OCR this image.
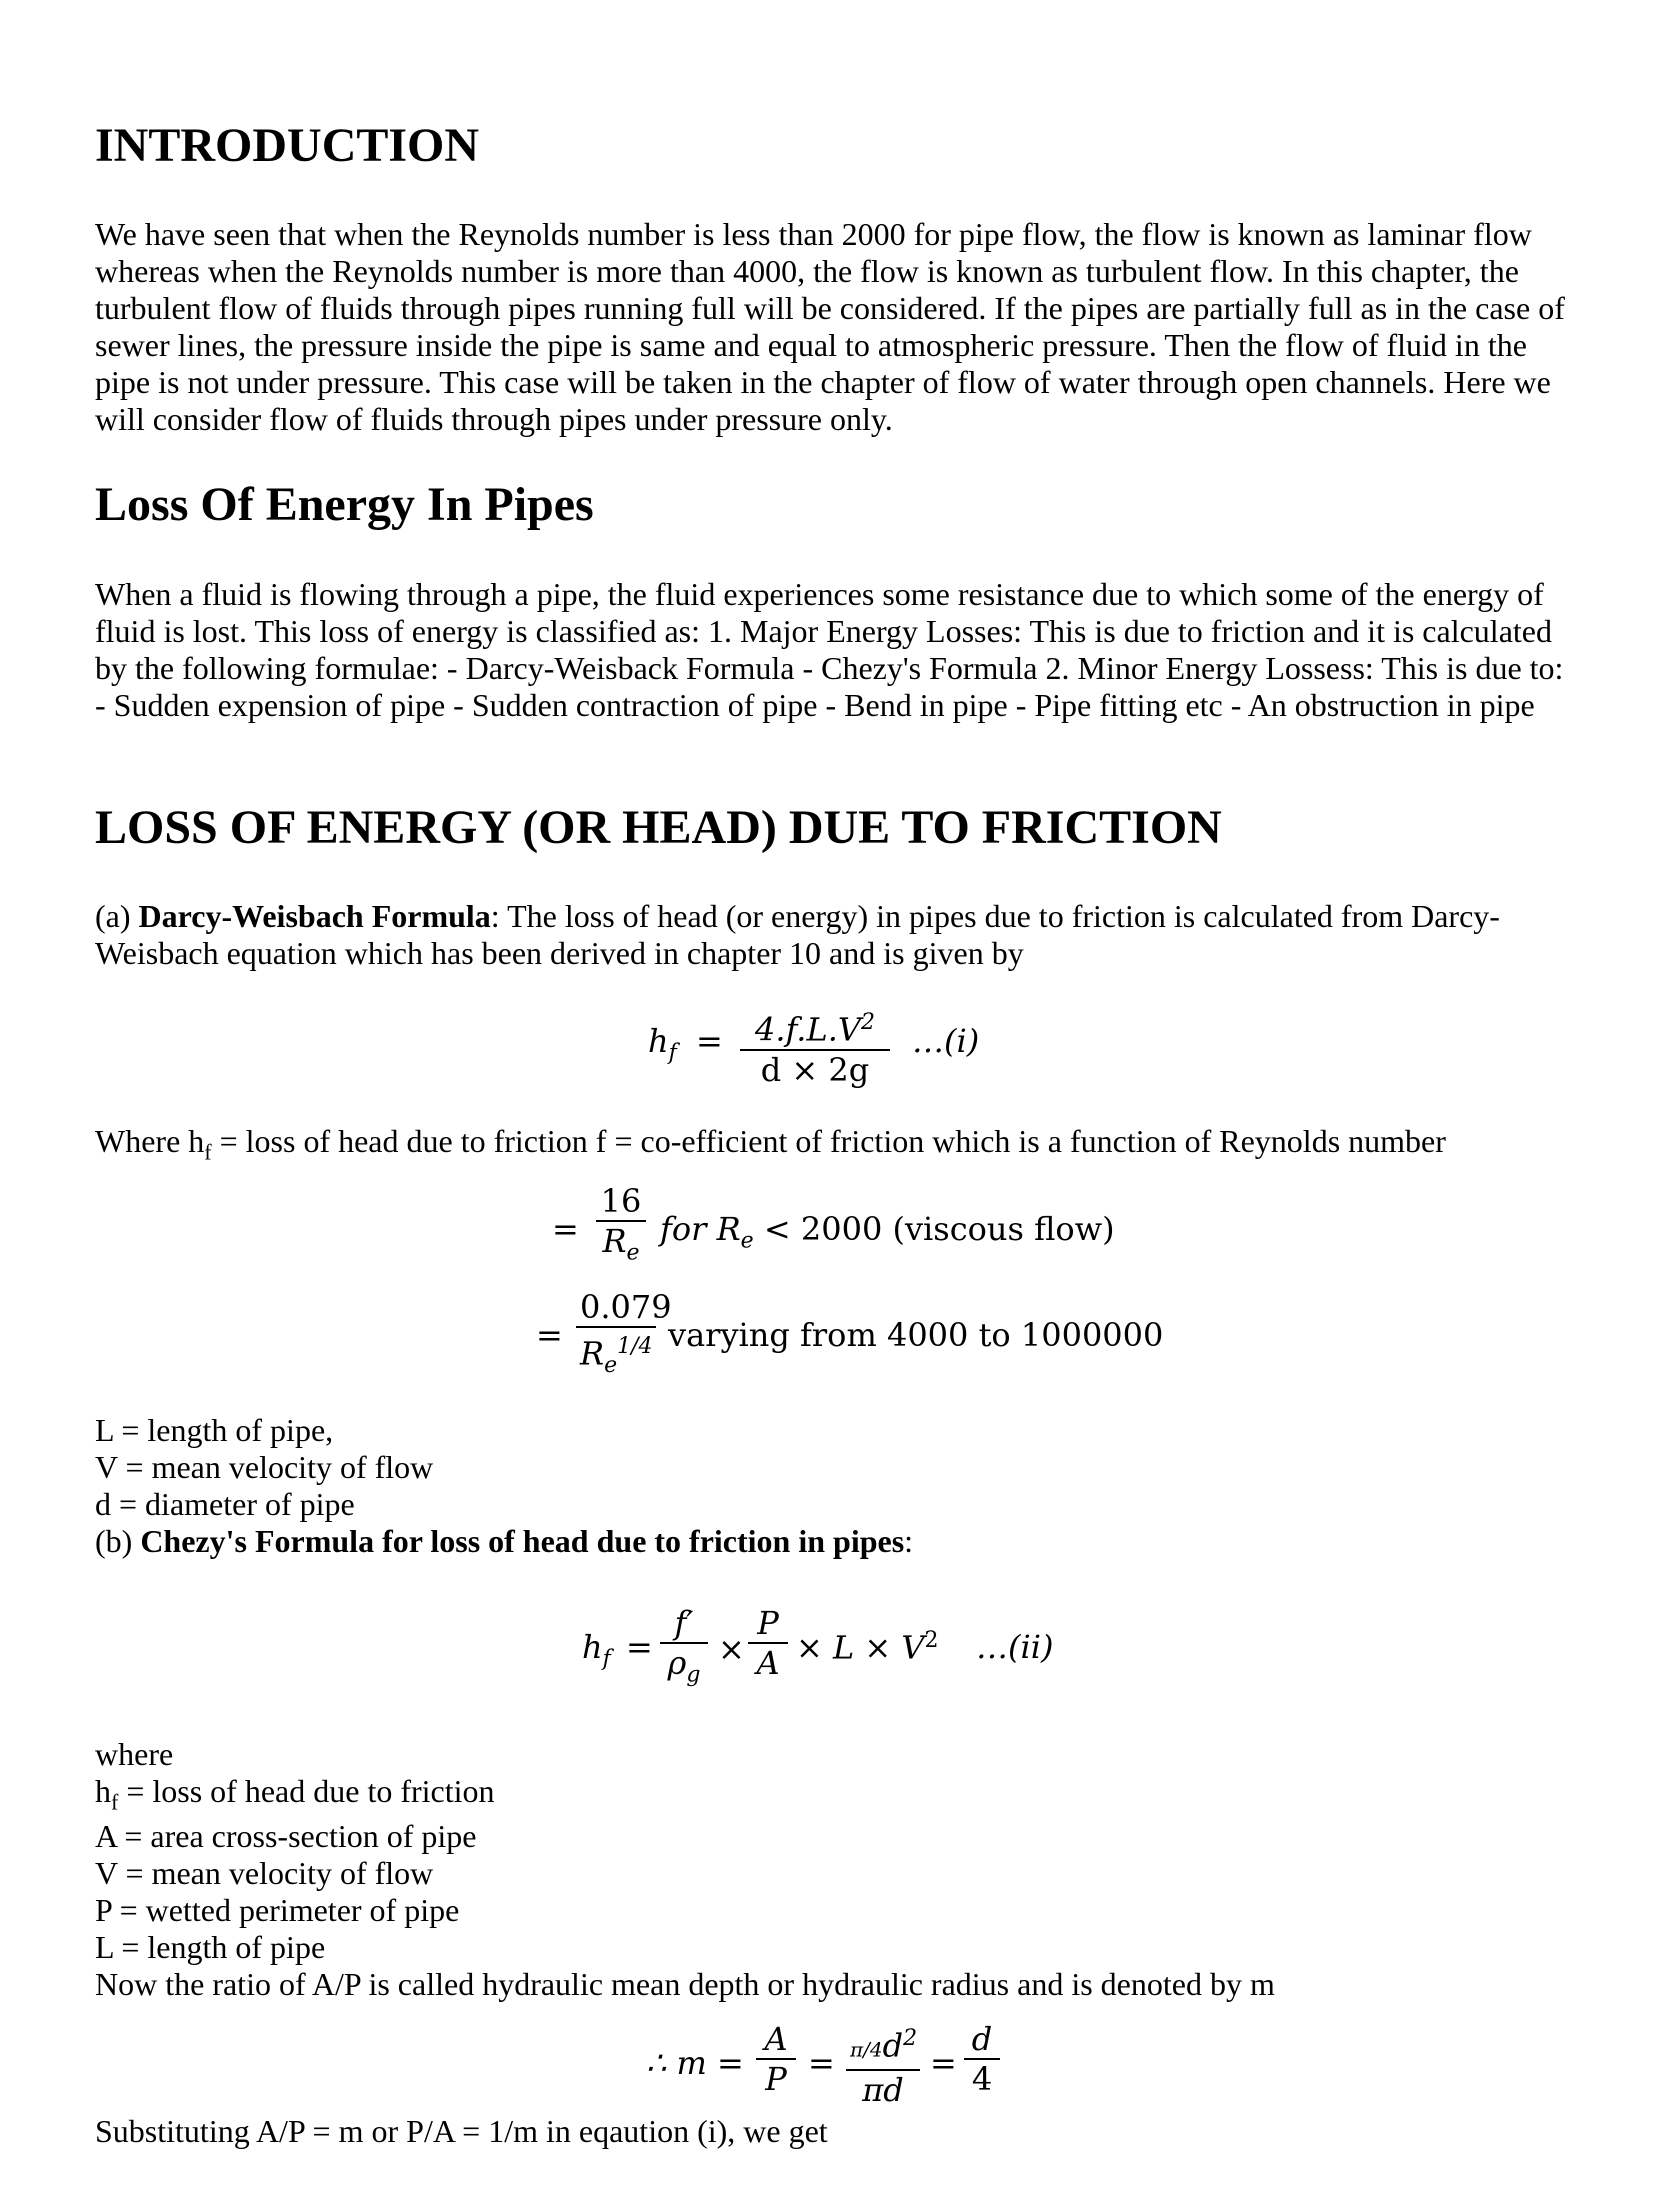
INTRODUCTION

We have seen that when the Reynolds number is less than 2000 for pipe flow, the flow is known as laminar flow whereas when the Reynolds number is more than 4000, the flow is known as turbulent flow. In this chapter, the turbulent flow of fluids through pipes running full will be considered. If the pipes are partially full as in the case of sewer lines, the pressure inside the pipe is same and equal to atmospheric pressure. Then the flow of fluid in the pipe is not under pressure. This case will be taken in the chapter of flow of water through open channels. Here we will consider flow of fluids through pipes under pressure only.

Loss Of Energy In Pipes

When a fluid is flowing through a pipe, the fluid experiences some resistance due to which some of the energy of fluid is lost. This loss of energy is classified as: 1. Major Energy Losses: This is due to friction and it is calculated by the following formulae: - Darcy-Weisback Formula - Chezy's Formula 2. Minor Energy Lossess: This is due to: - Sudden expension of pipe - Sudden contraction of pipe - Bend in pipe - Pipe fitting etc - An obstruction in pipe

LOSS OF ENERGY (OR HEAD) DUE TO FRICTION

(a) Darcy-Weisbach Formula: The loss of head (or energy) in pipes due to friction is calculated from Darcy-Weisbach equation which has been derived in chapter 10 and is given by

$h_f$ =	$4.f.L.V^2$
d × 2g
…(i)

Where $h_f$ = loss of head due to friction f = co-efficient of friction which is a function of Reynolds number

=
16
$R_e$
for $R_e < 2000$ (viscous flow)
=
0.079
$R_e^{1/4}$ varying from 4000 to 1000000

L = length of pipe,

V = mean velocity of flow

d = diameter of pipe

(b) Chezy's Formula for loss of head due to friction in pipes:

$h_f$ =
f′
$\rho_g$
×
P
$A \times L \times V^2$ …(ii)

where

$h_f$ = loss of head due to friction

A = area cross-section of pipe

V = mean velocity of flow

P = wetted perimeter of pipe

L = length of pipe

Now the ratio of A/P is called hydraulic mean depth or hydraulic radius and is denoted by m

∴ m =
A
$P = \pi/4d^2$
πd
=
d
4

Substituting A/P = m or P/A = 1/m in eqaution (i), we get
